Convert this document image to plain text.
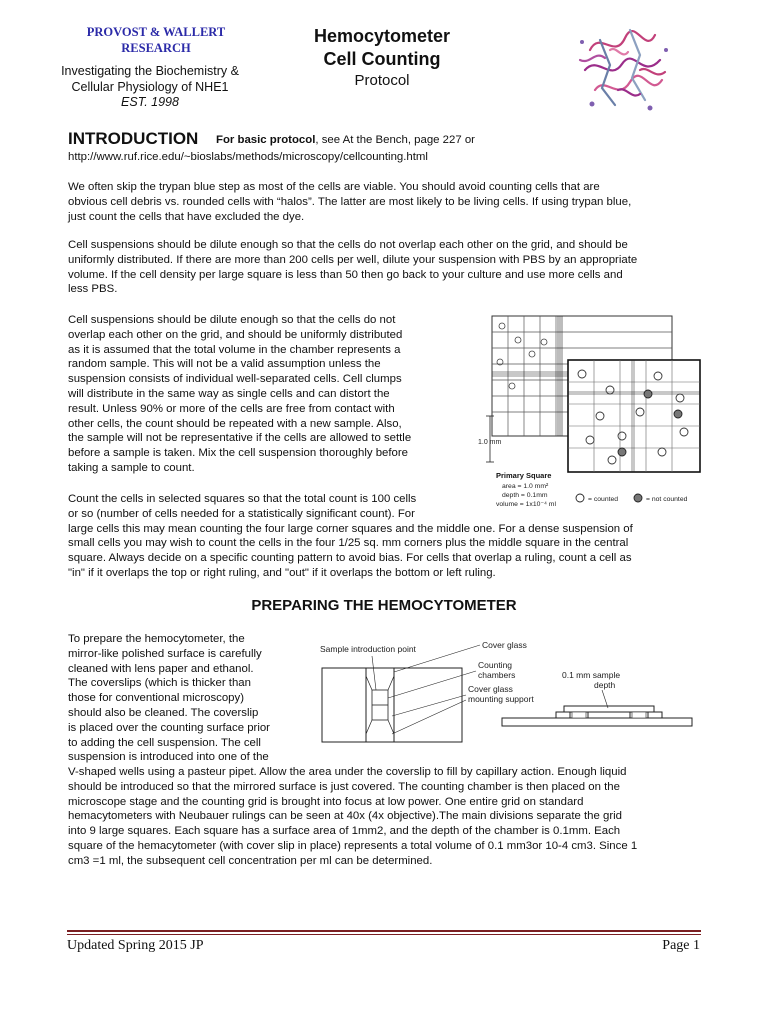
PROVOST & WALLERT
RESEARCH
Investigating the Biochemistry &
Cellular Physiology of NHE1
EST. 1998
Hemocytometer
Cell Counting
Protocol
INTRODUCTION For basic protocol, see At the Bench, page 227 or
http://www.ruf.rice.edu/~bioslabs/methods/microscopy/cellcounting.html
We often skip the trypan blue step as most of the cells are viable. You should avoid counting cells that are
obvious cell debris vs. rounded cells with “halos”. The latter are most likely to be living cells. If using trypan blue,
just count the cells that have excluded the dye.
Cell suspensions should be dilute enough so that the cells do not overlap each other on the grid, and should be
uniformly distributed. If there are more than 200 cells per well, dilute your suspension with PBS by an appropriate
volume. If the cell density per large square is less than 50 then go back to your culture and use more cells and
less PBS.
Cell suspensions should be dilute enough so that the cells do not
overlap each other on the grid, and should be uniformly distributed
as it is assumed that the total volume in the chamber represents a
random sample. This will not be a valid assumption unless the
suspension consists of individual well-separated cells. Cell clumps
will distribute in the same way as single cells and can distort the
result. Unless 90% or more of the cells are free from contact with
other cells, the count should be repeated with a new sample. Also,
the sample will not be representative if the cells are allowed to settle
before a sample is taken. Mix the cell suspension thoroughly before
taking a sample to count.
Count the cells in selected squares so that the total count is 100 cells
or so (number of cells needed for a statistically significant count). For
large cells this may mean counting the four large corner squares and the middle one. For a dense suspension of
small cells you may wish to count the cells in the four 1/25 sq. mm corners plus the middle square in the central
square. Always decide on a specific counting pattern to avoid bias. For cells that overlap a ruling, count a cell as
"in" if it overlaps the top or right ruling, and "out" if it overlaps the bottom or left ruling.
1.0 mm
Primary Square
area = 1.0 mm²
depth = 0.1mm
volume = 1x10⁻⁴ ml
= counted	= not counted
PREPARING THE HEMOCYTOMETER
To prepare the hemocytometer, the
mirror-like polished surface is carefully
cleaned with lens paper and ethanol.
The coverslips (which is thicker than
those for conventional microscopy)
should also be cleaned. The coverslip
is placed over the counting surface prior
to adding the cell suspension. The cell
suspension is introduced into one of the
V-shaped wells using a pasteur pipet. Allow the area under the coverslip to fill by capillary action. Enough liquid
should be introduced so that the mirrored surface is just covered. The counting chamber is then placed on the
microscope stage and the counting grid is brought into focus at low power. One entire grid on standard
hemacytometers with Neubauer rulings can be seen at 40x (4x objective).The main divisions separate the grid
into 9 large squares. Each square has a surface area of 1mm2, and the depth of the chamber is 0.1mm. Each
square of the hemacytometer (with cover slip in place) represents a total volume of 0.1 mm3or 10-4 cm3. Since 1
cm3 =1 ml, the subsequent cell concentration per ml can be determined.
Sample introduction point	Cover glass
Counting
chambers
Cover glass
mounting support
0.1 mm sample
depth
Updated Spring 2015 JP	Page 1
